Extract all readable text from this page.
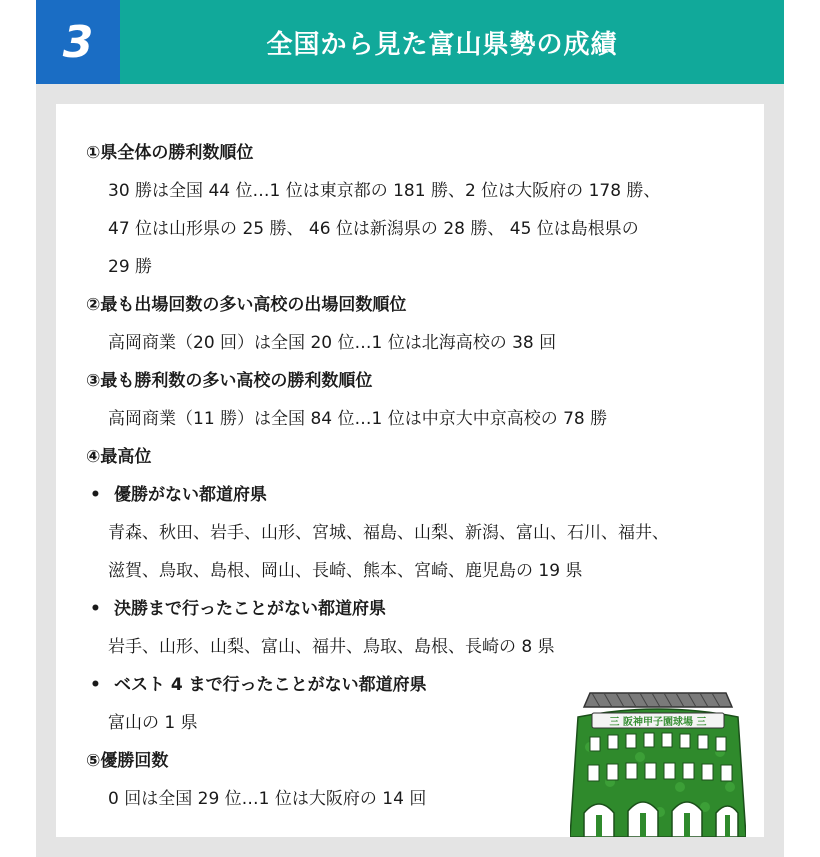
3	全国から見た富山県勢の成績
①県全体の勝利数順位
30 勝は全国 44 位…1 位は東京都の 181 勝、2 位は大阪府の 178 勝、
47 位は山形県の 25 勝、 46 位は新潟県の 28 勝、 45 位は島根県の
29 勝
②最も出場回数の多い高校の出場回数順位
高岡商業（20 回）は全国 20 位…1 位は北海高校の 38 回
③最も勝利数の多い高校の勝利数順位
高岡商業（11 勝）は全国 84 位…1 位は中京大中京高校の 78 勝
④最高位
• 優勝がない都道府県
青森、秋田、岩手、山形、宮城、福島、山梨、新潟、富山、石川、福井、
滋賀、鳥取、島根、岡山、長崎、熊本、宮崎、鹿児島の 19 県
• 決勝まで行ったことがない都道府県
岩手、山形、山梨、富山、福井、鳥取、島根、長崎の 8 県
• ベスト 4 まで行ったことがない都道府県
富山の 1 県
⑤優勝回数
0 回は全国 29 位…1 位は大阪府の 14 回
三 阪神甲子園球場 三
